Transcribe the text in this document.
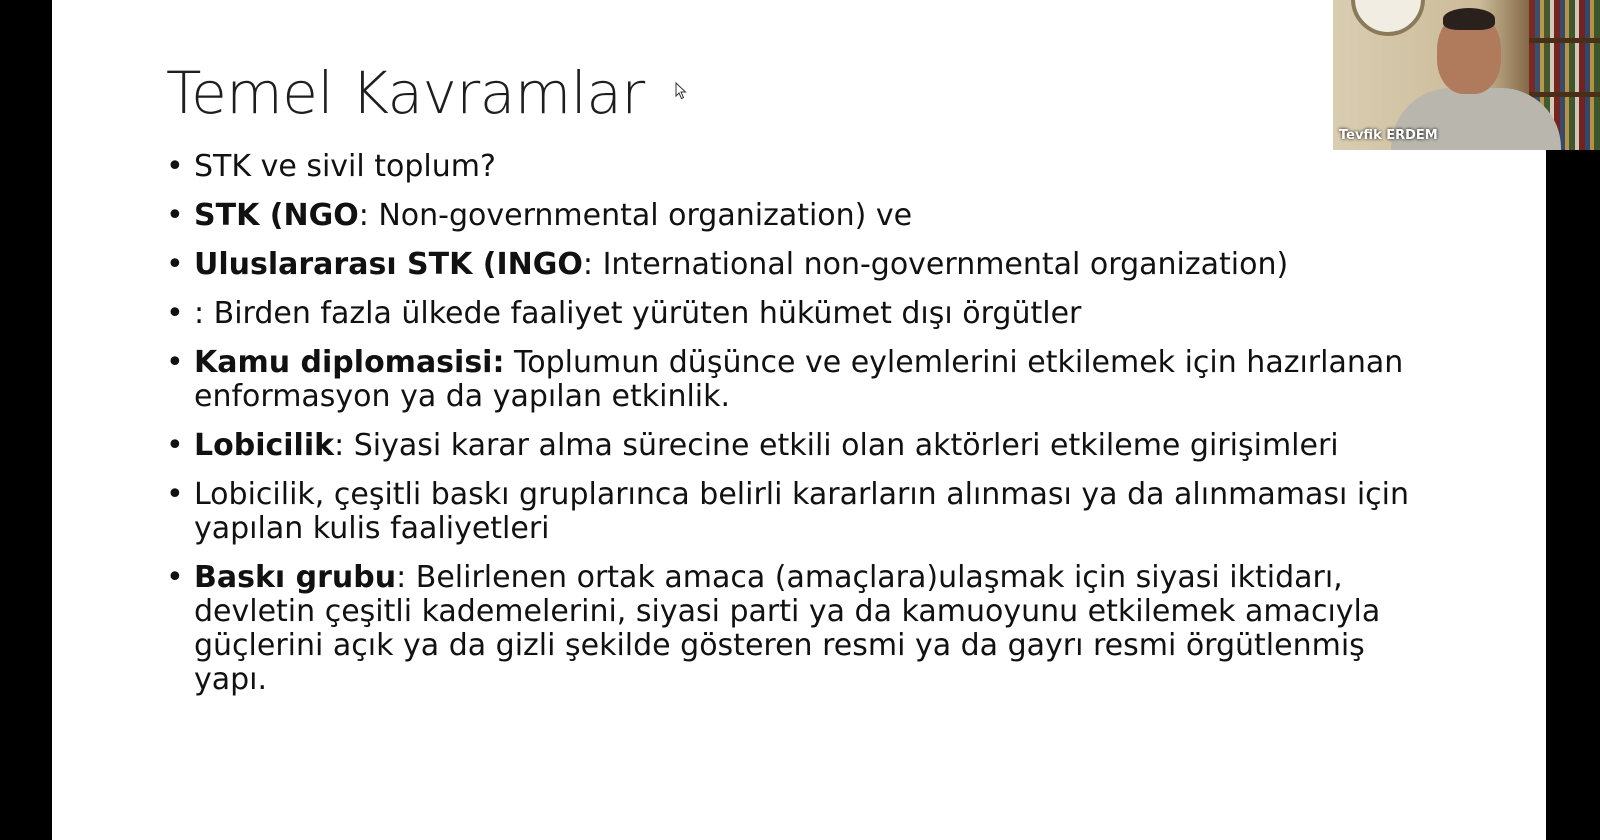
Temel Kavramlar
• STK ve sivil toplum?
• STK (NGO: Non-governmental organization) ve
• Uluslararası STK (INGO: International non-governmental organization)
• : Birden fazla ülkede faaliyet yürüten hükümet dışı örgütler
• Kamu diplomasisi: Toplumun düşünce ve eylemlerini etkilemek için hazırlanan enformasyon ya da yapılan etkinlik.
• Lobicilik: Siyasi karar alma sürecine etkili olan aktörleri etkileme girişimleri
• Lobicilik, çeşitli baskı gruplarınca belirli kararların alınması ya da alınmaması için yapılan kulis faaliyetleri
• Baskı grubu: Belirlenen ortak amaca (amaçlara)ulaşmak için siyasi iktidarı, devletin çeşitli kademelerini, siyasi parti ya da kamuoyunu etkilemek amacıyla güçlerini açık ya da gizli şekilde gösteren resmi ya da gayrı resmi örgütlenmiş yapı.
Tevfik ERDEM
